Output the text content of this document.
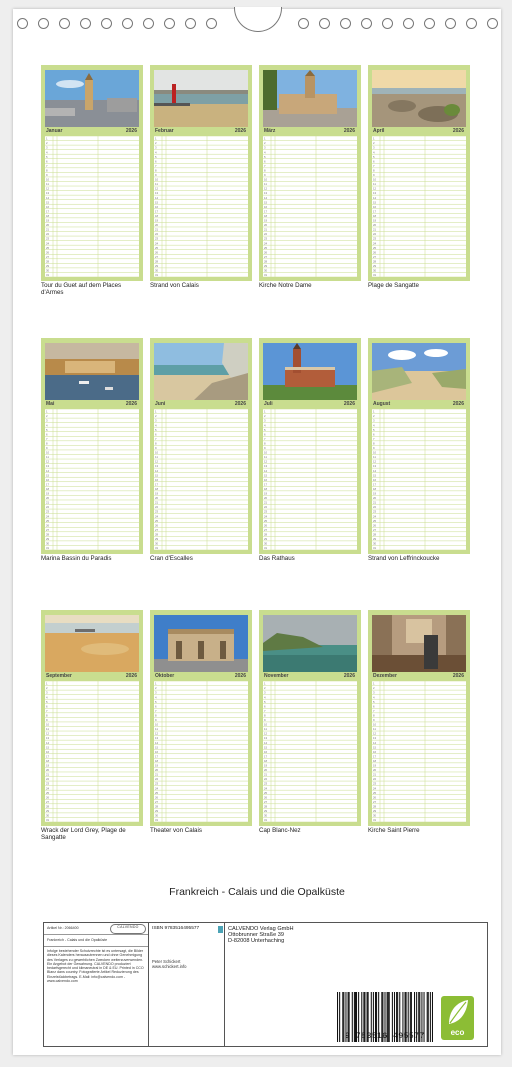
Januar	2026
1
2
3
4
5
6
7
8
9
10
11
12
13
14
15
16
17
18
19
20
21
22
23
24
25
26
27
28
29
30
31
Tour du Guet auf dem Places d'Armes
Februar	2026
1
2
3
4
5
6
7
8
9
10
11
12
13
14
15
16
17
18
19
20
21
22
23
24
25
26
27
28
29
30
31
Strand von Calais
März	2026
1
2
3
4
5
6
7
8
9
10
11
12
13
14
15
16
17
18
19
20
21
22
23
24
25
26
27
28
29
30
31
Kirche Notre Dame
April	2026
1
2
3
4
5
6
7
8
9
10
11
12
13
14
15
16
17
18
19
20
21
22
23
24
25
26
27
28
29
30
31
Plage de Sangatte
Mai	2026
1
2
3
4
5
6
7
8
9
10
11
12
13
14
15
16
17
18
19
20
21
22
23
24
25
26
27
28
29
30
31
Marina Bassin du Paradis
Juni	2026
1
2
3
4
5
6
7
8
9
10
11
12
13
14
15
16
17
18
19
20
21
22
23
24
25
26
27
28
29
30
31
Cran d'Escalles
Juli	2026
1
2
3
4
5
6
7
8
9
10
11
12
13
14
15
16
17
18
19
20
21
22
23
24
25
26
27
28
29
30
31
Das Rathaus
August	2026
1
2
3
4
5
6
7
8
9
10
11
12
13
14
15
16
17
18
19
20
21
22
23
24
25
26
27
28
29
30
31
Strand von Leffrinckoucke
September	2026
1
2
3
4
5
6
7
8
9
10
11
12
13
14
15
16
17
18
19
20
21
22
23
24
25
26
27
28
29
30
31
Wrack der Lord Grey, Plage de Sangatte
Oktober	2026
1
2
3
4
5
6
7
8
9
10
11
12
13
14
15
16
17
18
19
20
21
22
23
24
25
26
27
28
29
30
31
Theater von Calais
November	2026
1
2
3
4
5
6
7
8
9
10
11
12
13
14
15
16
17
18
19
20
21
22
23
24
25
26
27
28
29
30
31
Cap Blanc-Nez
Dezember	2026
1
2
3
4
5
6
7
8
9
10
11
12
13
14
15
16
17
18
19
20
21
22
23
24
25
26
27
28
29
30
31
Kirche Saint Pierre
Frankreich - Calais und die Opalküste
Artikel Nr.: 2066400	CALVENDO
Frankreich - Calais und die Opalküste
Infolge bestehender Schutzrechte ist es untersagt, die Bilder dieses Kalenders herauszutrennen und ohne Genehmigung des Verlages zu gewerblichen Zwecken weiterzuverwenden. Ein Angebot der Gewahrung. CALVENDO produziert bedarfsgerecht und klimaneutral in DE & EU. Printed in CCO Blanz dans country. Fotografierte Artikel Reduzierung des Einzelstückbetrags. E-Mail: info@calvendo.com - www.calvendo.com
ISBN 9783516495577
Peter Schickert
www.schickert.info
CALVENDO Verlag GmbH
Ottobrunner Straße 39
D-82008 Unterhaching
9 783516 495577	eco
